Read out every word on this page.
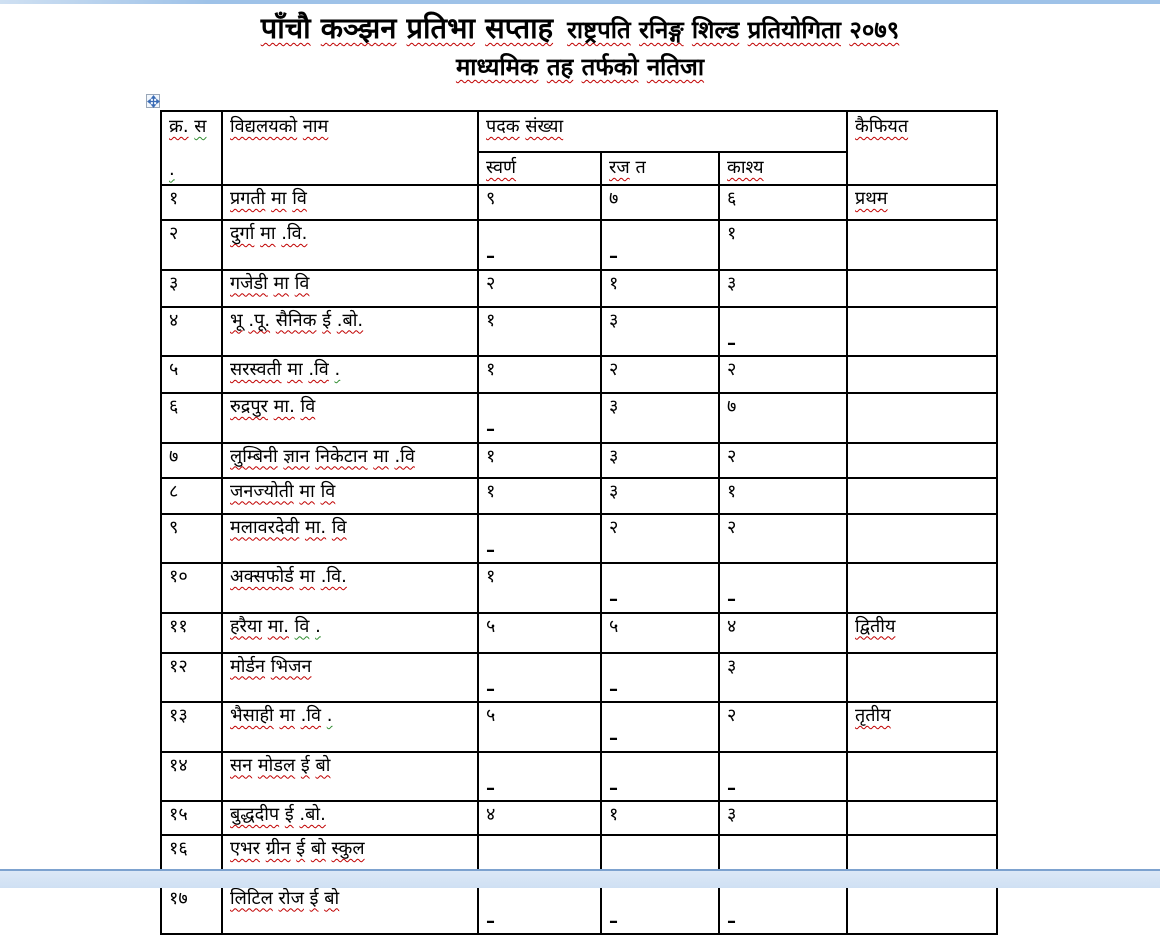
पाँचौ कञ्झन प्रतिभा सप्ताह राष्ट्रपति रनिङ्ग शिल्ड प्रतियोगिता २०७९
माध्यमिक तह तर्फको नतिजा
क्र. स
.	विद्यलयको नाम	पदक संख्या			कैफियत

		स्वर्ण	रज त	काश्य	

१	प्रगती मा वि	९	७	६	प्रथम

२	दुर्गा मा .वि.	–	–	१	

३	गजेडी मा वि	२	१	३	

४	भू .पू. सैनिक ई .बो.	१	३	–	

५	सरस्वती मा .वि .	१	२	२	

६	रुद्रपुर मा. वि	–	३	७	

७	लुम्बिनी ज्ञान निकेटान मा .वि	१	३	२	

८	जनज्योती मा वि	१	३	१	

९	मलावरदेवी मा. वि	–	२	२	

१०	अक्सफोर्ड मा .वि.	१	–	–	

११	हरैया मा. वि .	५	५	४	द्वितीय

१२	मोर्डन भिजन	–	–	३	

१३	भैसाही मा .वि .	५	–	२	तृतीय

१४	सन मोडल ई बो	–	–	–	

१५	बुद्धदीप ई .बो.	४	१	३	

१६	एभर ग्रीन ई बो स्कुल

१७	लिटिल रोज ई बो	–	–	–	
